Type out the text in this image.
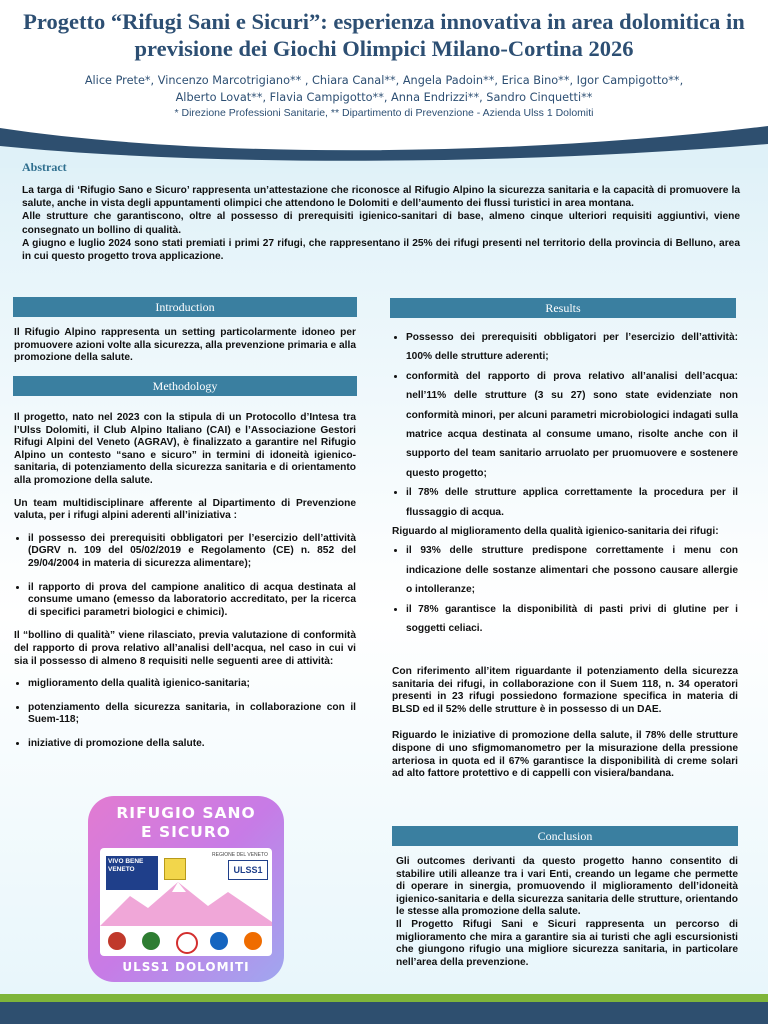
Progetto “Rifugi Sani e Sicuri”: esperienza innovativa in area dolomitica in previsione dei Giochi Olimpici Milano-Cortina 2026
Alice Prete*, Vincenzo Marcotrigiano** , Chiara Canal**, Angela Padoin**, Erica Bino**, Igor Campigotto**,
Alberto Lovat**, Flavia Campigotto**, Anna Endrizzi**, Sandro Cinquetti**
* Direzione Professioni Sanitarie, ** Dipartimento di Prevenzione - Azienda Ulss 1 Dolomiti
Abstract

La targa di ‘Rifugio Sano e Sicuro’ rappresenta un’attestazione che riconosce al Rifugio Alpino la sicurezza sanitaria e la capacità di promuovere la salute, anche in vista degli appuntamenti olimpici che attendono le Dolomiti e dell’aumento dei flussi turistici in area montana.

Alle strutture che garantiscono, oltre al possesso di prerequisiti igienico-sanitari di base, almeno cinque ulteriori requisiti aggiuntivi, viene consegnato un bollino di qualità.

A giugno e luglio 2024 sono stati premiati i primi 27 rifugi, che rappresentano il 25% dei rifugi presenti nel territorio della provincia di Belluno, area in cui questo progetto trova applicazione.

Introduction

Il Rifugio Alpino rappresenta un setting particolarmente idoneo per promuovere azioni volte alla sicurezza, alla prevenzione primaria e alla promozione della salute.

Methodology

Il progetto, nato nel 2023 con la stipula di un Protocollo d’Intesa tra l’Ulss Dolomiti, il Club Alpino Italiano (CAI) e l’Associazione Gestori Rifugi Alpini del Veneto (AGRAV), è finalizzato a garantire nel Rifugio Alpino un contesto “sano e sicuro” in termini di idoneità igienico-sanitaria, di potenziamento della sicurezza sanitaria e di orientamento alla promozione della salute.

Un team multidisciplinare afferente al Dipartimento di Prevenzione valuta, per i rifugi alpini aderenti all’iniziativa :

• il possesso dei prerequisiti obbligatori per l’esercizio dell’attività (DGRV n. 109 del 05/02/2019 e Regolamento (CE) n. 852 del 29/04/2004 in materia di sicurezza alimentare);
• il rapporto di prova del campione analitico di acqua destinata al consume umano (emesso da laboratorio accreditato, per la ricerca di specifici parametri biologici e chimici).

Il “bollino di qualità” viene rilasciato, previa valutazione di conformità del rapporto di prova relativo all’analisi dell’acqua, nel caso in cui vi sia il possesso di almeno 8 requisiti nelle seguenti aree di attività:

• miglioramento della qualità igienico-sanitaria;
• potenziamento della sicurezza sanitaria, in collaborazione con il Suem-118;
• iniziative di promozione della salute.
Results
• Possesso dei prerequisiti obbligatori per l’esercizio dell’attività: 100% delle strutture aderenti;
• conformità del rapporto di prova relativo all’analisi dell’acqua: nell’11% delle strutture (3 su 27) sono state evidenziate non conformità minori, per alcuni parametri microbiologici indagati sulla matrice acqua destinata al consume umano, risolte anche con il supporto del team sanitario arruolato per pruomuovere e sostenere questo progetto;
• il 78% delle strutture applica correttamente la procedura per il flussaggio di acqua.

Riguardo al miglioramento della qualità igienico-sanitaria dei rifugi:

• il 93% delle strutture predispone correttamente i menu con indicazione delle sostanze alimentari che possono causare allergie o intolleranze;
• il 78% garantisce la disponibilità di pasti privi di glutine per i soggetti celiaci.

Con riferimento all’item riguardante il potenziamento della sicurezza sanitaria dei rifugi, in collaborazione con il Suem 118, n. 34 operatori presenti in 23 rifugi possiedono formazione specifica in materia di BLSD ed il 52% delle strutture è in possesso di un DAE.

Riguardo le iniziative di promozione della salute, il 78% delle strutture dispone di uno sfigmomanometro per la misurazione della pressione arteriosa in quota ed il 67% garantisce la disponibilità di creme solari ad alto fattore protettivo e di cappelli con visiera/bandana.

Conclusion

Gli outcomes derivanti da questo progetto hanno consentito di stabilire utili alleanze tra i vari Enti, creando un legame che permette di operare in sinergia, promuovendo il miglioramento dell’idoneità igienico-sanitaria e della sicurezza sanitaria delle strutture, orientando le stesse alla promozione della salute.

Il Progetto Rifugi Sani e Sicuri rappresenta un percorso di miglioramento che mira a garantire sia ai turisti che agli escursionisti che giungono rifugio una migliore sicurezza sanitaria, in particolare nell’area della prevenzione.

RIFUGIO SANO
E SICURO
REGIONE DEL VENETO
VIVO BENE
VENETO	ULSS1
ULSS1 DOLOMITI
